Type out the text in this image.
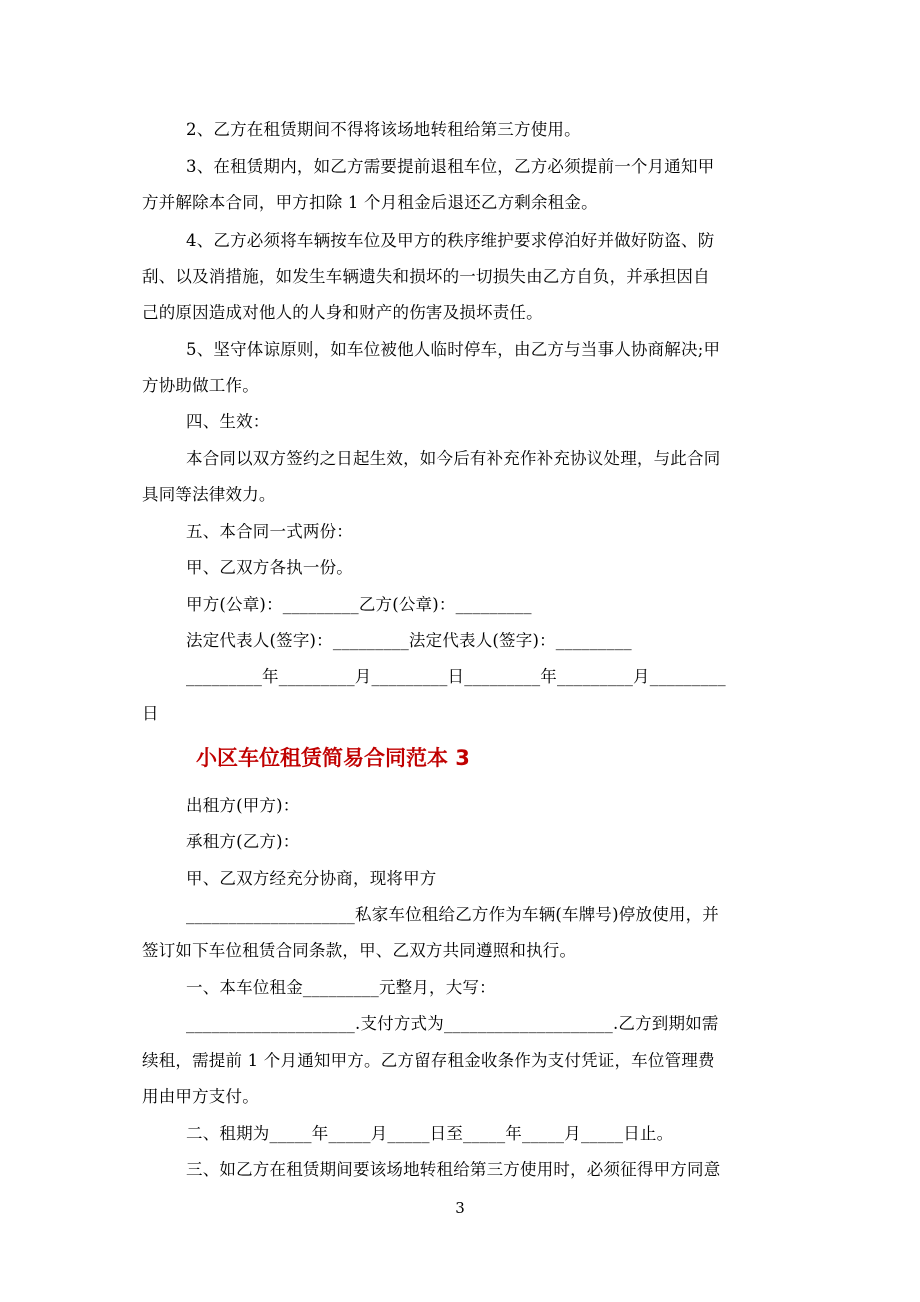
2、乙方在租赁期间不得将该场地转租给第三方使用。
3、在租赁期内，如乙方需要提前退租车位，乙方必须提前一个月通知甲
方并解除本合同，甲方扣除 1 个月租金后退还乙方剩余租金。
4、乙方必须将车辆按车位及甲方的秩序维护要求停泊好并做好防盗、防
刮、以及消措施，如发生车辆遗失和损坏的一切损失由乙方自负，并承担因自
己的原因造成对他人的人身和财产的伤害及损坏责任。
5、坚守体谅原则，如车位被他人临时停车，由乙方与当事人协商解决;甲
方协助做工作。
四、生效：
本合同以双方签约之日起生效，如今后有补充作补充协议处理，与此合同
具同等法律效力。
五、本合同一式两份：
甲、乙双方各执一份。
甲方(公章)：_________乙方(公章)：_________
法定代表人(签字)：_________法定代表人(签字)：_________
_________年_________月_________日_________年_________月_________
日
小区车位租赁简易合同范本 3
出租方(甲方)：
承租方(乙方)：
甲、乙双方经充分协商，现将甲方
____________________私家车位租给乙方作为车辆(车牌号)停放使用，并
签订如下车位租赁合同条款，甲、乙双方共同遵照和执行。
一、本车位租金_________元整月，大写：
____________________.支付方式为____________________.乙方到期如需
续租，需提前 1 个月通知甲方。乙方留存租金收条作为支付凭证，车位管理费
用由甲方支付。
二、租期为_____年_____月_____日至_____年_____月_____日止。
三、如乙方在租赁期间要该场地转租给第三方使用时，必须征得甲方同意
3
